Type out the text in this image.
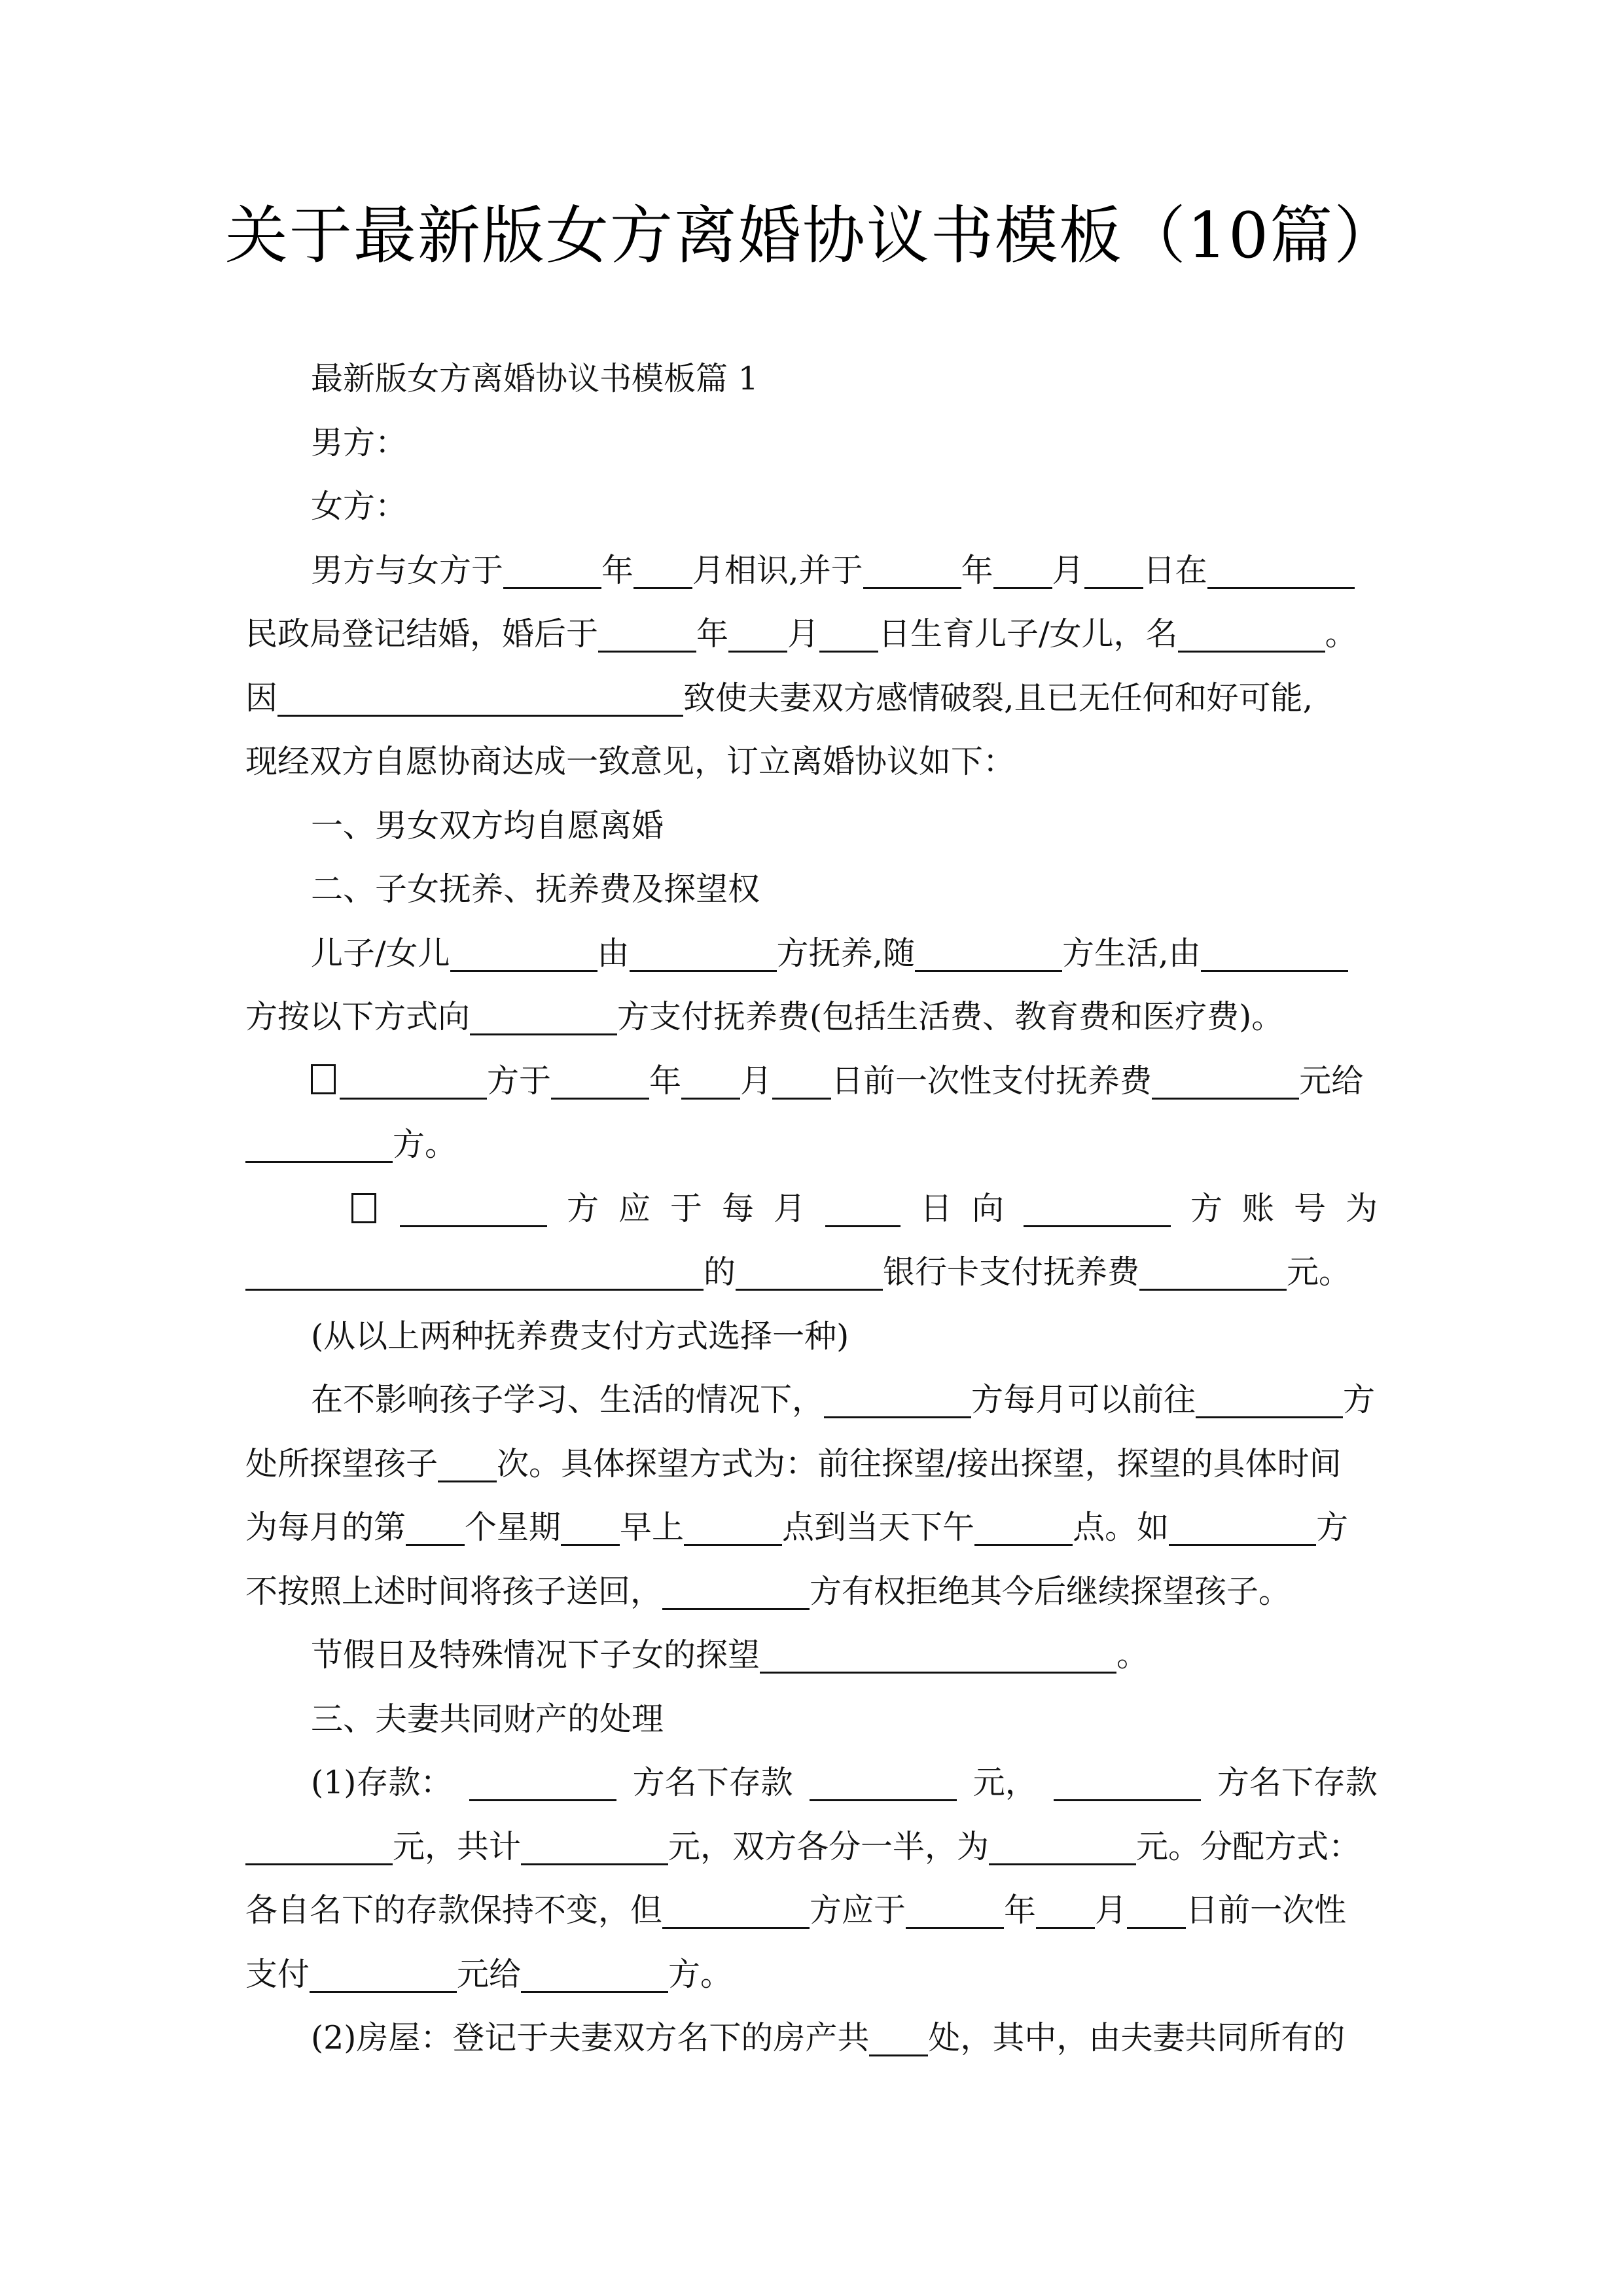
关于最新版女方离婚协议书模板（10篇）
最新版女方离婚协议书模板篇 1
男方：
女方：
男方与女方于	年 月相识,并于	年 月 日在
民政局登记结婚，婚后于	年 月 日生育儿子/女儿，名	。
因	致使夫妻双方感情破裂,且已无任何和好可能,
现经双方自愿协商达成一致意见，订立离婚协议如下：
一、男女双方均自愿离婚
二、子女抚养、抚养费及探望权
儿子/女儿	由	方抚养,随	方生活,由
方按以下方式向	方支付抚养费(包括生活费、教育费和医疗费)。
方于	年 月 日前一次性支付抚养费	元给
方。
方 应 于 每 月	日 向	方 账 号 为
的	银行卡支付抚养费	元。
(从以上两种抚养费支付方式选择一种)
在不影响孩子学习、生活的情况下，	方每月可以前往	方
处所探望孩子 次。具体探望方式为：前往探望/接出探望，探望的具体时间
为每月的第 个星期 早上	点到当天下午	点。如	方
不按照上述时间将孩子送回，	方有权拒绝其今后继续探望孩子。
节假日及特殊情况下子女的探望	。
三、夫妻共同财产的处理
(1)存款：	方名下存款	元，	方名下存款
元，共计	元，双方各分一半，为	元。分配方式：
各自名下的存款保持不变，但	方应于	年 月 日前一次性
支付	元给	方。
(2)房屋：登记于夫妻双方名下的房产共 处，其中，由夫妻共同所有的
